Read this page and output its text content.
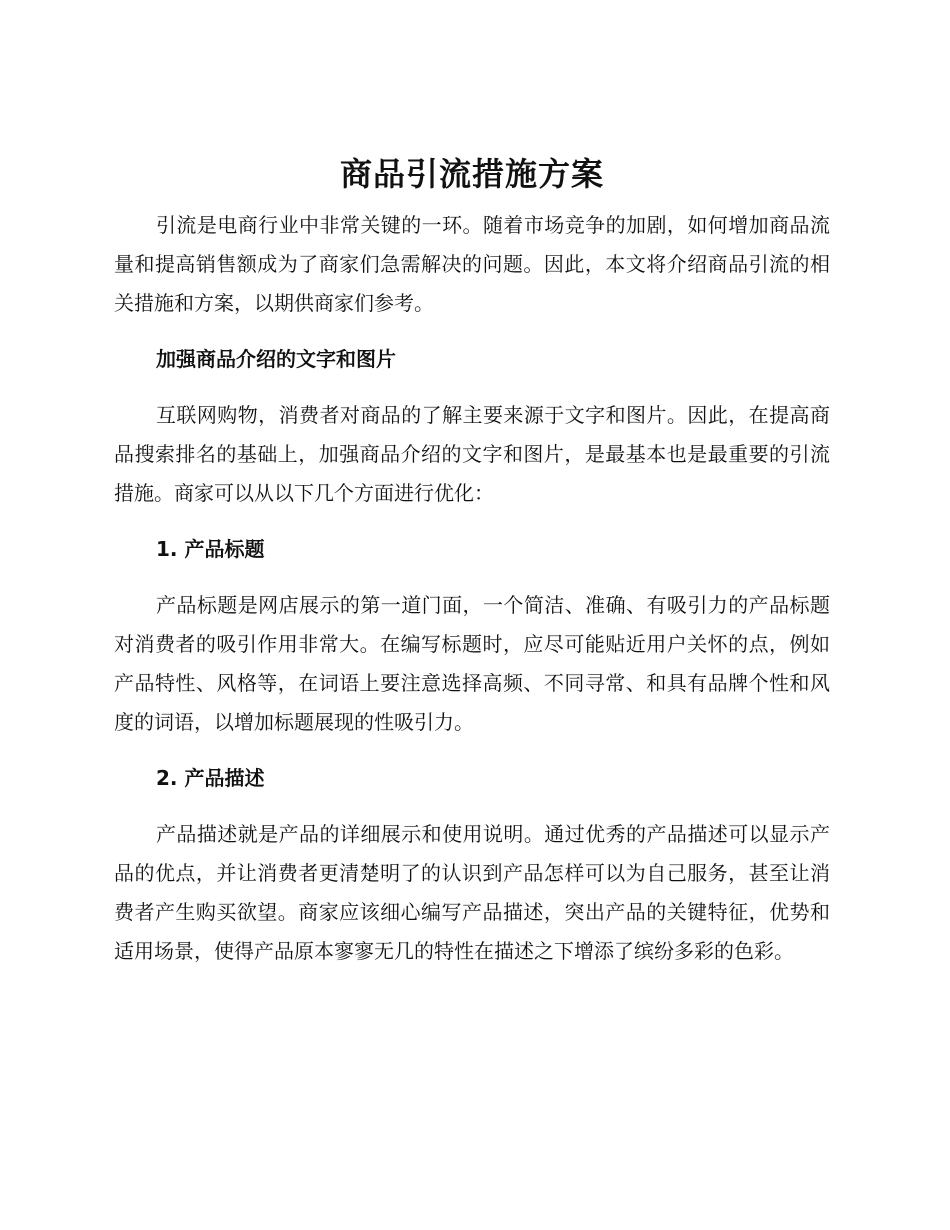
商品引流措施方案

引流是电商行业中非常关键的一环。随着市场竞争的加剧，如何增加商品流量和提高销售额成为了商家们急需解决的问题。因此，本文将介绍商品引流的相关措施和方案，以期供商家们参考。

加强商品介绍的文字和图片

互联网购物，消费者对商品的了解主要来源于文字和图片。因此，在提高商品搜索排名的基础上，加强商品介绍的文字和图片，是最基本也是最重要的引流措施。商家可以从以下几个方面进行优化：

1. 产品标题

产品标题是网店展示的第一道门面，一个简洁、准确、有吸引力的产品标题对消费者的吸引作用非常大。在编写标题时，应尽可能贴近用户关怀的点，例如产品特性、风格等，在词语上要注意选择高频、不同寻常、和具有品牌个性和风度的词语，以增加标题展现的性吸引力。

2. 产品描述

产品描述就是产品的详细展示和使用说明。通过优秀的产品描述可以显示产品的优点，并让消费者更清楚明了的认识到产品怎样可以为自己服务，甚至让消费者产生购买欲望。商家应该细心编写产品描述，突出产品的关键特征，优势和适用场景，使得产品原本寥寥无几的特性在描述之下增添了缤纷多彩的色彩。
